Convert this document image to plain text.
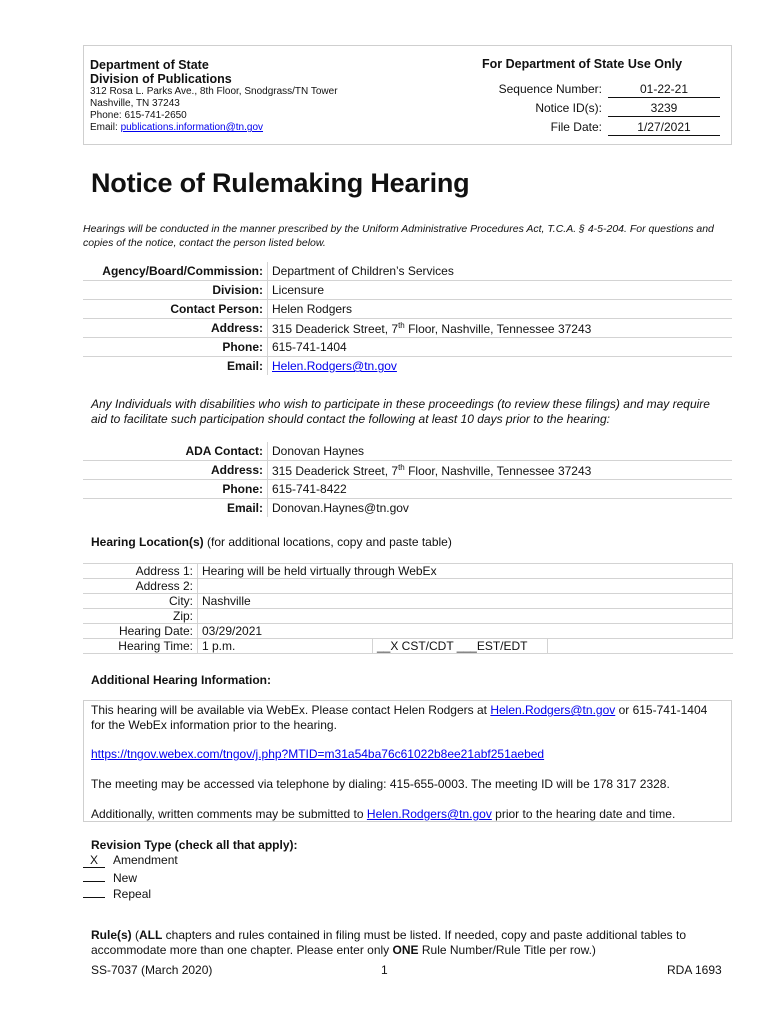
Department of State
Division of Publications
312 Rosa L. Parks Ave., 8th Floor, Snodgrass/TN Tower
Nashville, TN 37243
Phone: 615-741-2650
Email: publications.information@tn.gov
For Department of State Use Only
Sequence Number:	01-22-21
Notice ID(s):	3239
File Date:	1/27/2021
Notice of Rulemaking Hearing
Hearings will be conducted in the manner prescribed by the Uniform Administrative Procedures Act, T.C.A. § 4-5-204. For questions and copies of the notice, contact the person listed below.
Agency/Board/Commission:	Department of Children’s Services
Division:	Licensure
Contact Person:	Helen Rodgers
Address:	315 Deaderick Street, 7th Floor, Nashville, Tennessee 37243
Phone:	615-741-1404
Email:	Helen.Rodgers@tn.gov
Any Individuals with disabilities who wish to participate in these proceedings (to review these filings) and may require aid to facilitate such participation should contact the following at least 10 days prior to the hearing:
ADA Contact:	Donovan Haynes
Address:	315 Deaderick Street, 7th Floor, Nashville, Tennessee 37243
Phone:	615-741-8422
Email:	Donovan.Haynes@tn.gov
Hearing Location(s) (for additional locations, copy and paste table)
Address 1:	Hearing will be held virtually through WebEx		
Address 2:			
City:	Nashville		
Zip:			
Hearing Date:	03/29/2021		
Hearing Time:	1 p.m.	__X CST/CDT ___EST/EDT	
Additional Hearing Information:
This hearing will be available via WebEx. Please contact Helen Rodgers at Helen.Rodgers@tn.gov or 615-741-1404 for the WebEx information prior to the hearing.
https://tngov.webex.com/tngov/j.php?MTID=m31a54ba76c61022b8ee21abf251aebed
The meeting may be accessed via telephone by dialing: 415-655-0003. The meeting ID will be 178 317 2328.
Additionally, written comments may be submitted to Helen.Rodgers@tn.gov prior to the hearing date and time.
Revision Type (check all that apply):
X Amendment
New
Repeal
Rule(s) (ALL chapters and rules contained in filing must be listed. If needed, copy and paste additional tables to accommodate more than one chapter. Please enter only ONE Rule Number/Rule Title per row.)
SS-7037 (March 2020)	1	RDA 1693
